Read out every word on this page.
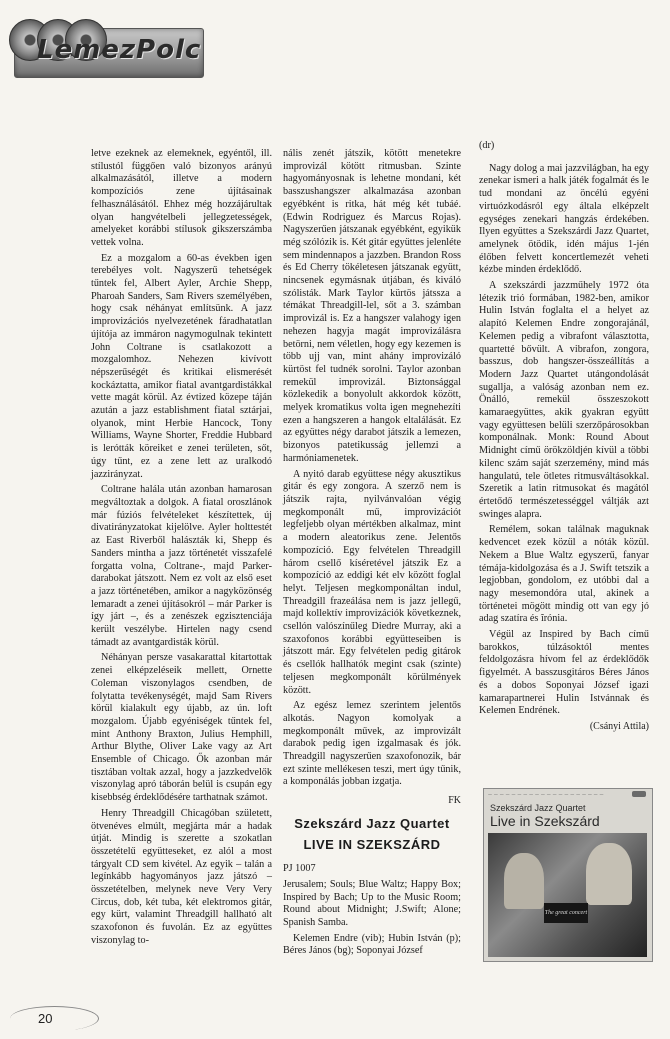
LemezPolc

letve ezeknek az elemeknek, egyéntől, ill. stílustól függően való bizonyos arányú alkalmazásától, illetve a modern kompozíciós zene újításainak felhasználásától. Ehhez még hozzájárultak olyan hangvételbeli jellegzetességek, amelyeket korábbi stílusok gikszerszámba vettek volna.

Ez a mozgalom a 60-as években igen terebélyes volt. Nagyszerű tehetségek tűntek fel, Albert Ayler, Archie Shepp, Pharoah Sanders, Sam Rivers személyében, hogy csak néhányat említsünk. A jazz improvizációs nyelvezetének fáradhatatlan újítója az immáron nagymogulnak tekintett John Coltrane is csatlakozott a mozgalomhoz. Nehezen kivívott népszerűségét és kritikai elismerését kockáztatta, amikor fiatal avantgardistákkal vette magát körül. Az évtized közepe táján azután a jazz establishment fiatal sztárjai, olyanok, mint Herbie Hancock, Tony Williams, Wayne Shorter, Freddie Hubbard is lerótták köreiket e zenei területen, sőt, úgy tűnt, ez a zene lett az uralkodó jazzirányzat.

Coltrane halála után azonban hamarosan megváltoztak a dolgok. A fiatal oroszlánok már fúziós felvételeket készítettek, új divatirányzatokat kijelölve. Ayler holttestét az East Riverből halászták ki, Shepp és Sanders mintha a jazz történetét visszafelé forgatta volna, Coltrane-, majd Parker-darabokat játszott. Nem ez volt az első eset a jazz történetében, amikor a nagyközönség lemaradt a zenei újításokról – már Parker is így járt –, és a zenészek egzisztenciája került veszélybe. Hirtelen nagy csend támadt az avantgardisták körül.

Néhányan persze vasakarattal kitartottak zenei elképzeléseik mellett, Ornette Coleman viszonylagos csendben, de folytatta tevékenységét, majd Sam Rivers körül kialakult egy újabb, az ún. loft mozgalom. Újabb egyéniségek tűntek fel, mint Anthony Braxton, Julius Hemphill, Arthur Blythe, Oliver Lake vagy az Art Ensemble of Chicago. Ők azonban már tisztában voltak azzal, hogy a jazzkedvelők viszonylag apró táborán belül is csupán egy kisebbség érdeklődésére tarthatnak számot.

Henry Threadgill Chicagóban született, ötvenéves elmúlt, megjárta már a hadak útját. Mindig is szerette a szokatlan összetételű együtteseket, ez alól a most tárgyalt CD sem kivétel. Az egyik – talán a legínkább hagyományos jazz játszó – összetételben, melynek neve Very Very Circus, dob, két tuba, két elektromos gitár, egy kürt, valamint Threadgill hallható alt szaxofonon és fuvolán. Ez az együttes viszonylag to-

nális zenét játszik, kötött menetekre improvizál kötött ritmusban. Szinte hagyományosnak is lehetne mondani, két basszushangszer alkalmazása azonban egyébként is ritka, hát még két tubáé. (Edwin Rodriguez és Marcus Rojas). Nagyszerűen játszanak egyébként, egyikük még szólózik is. Két gitár együttes jelenléte sem mindennapos a jazzben. Brandon Ross és Ed Cherry tökéletesen játszanak együtt, nincsenek egymásnak útjában, és kiváló szólisták. Mark Taylor kürtös játssza a témákat Threadgill-lel, sőt a 3. számban improvizál is. Ez a hangszer valahogy igen nehezen hagyja magát improvizálásra betörni, nem véletlen, hogy egy kezemen is több ujj van, mint ahány improvizáló kürtöst fel tudnék sorolni. Taylor azonban remekül improvizál. Biztonsággal közlekedik a bonyolult akkordok között, melyek kromatikus volta igen megnehezíti ezen a hangszeren a hangok eltalálását. Ez az együttes négy darabot játszik a lemezen, bizonyos patetikusság jellemzi a harmóniamenetek.

A nyitó darab együttese négy akusztikus gitár és egy zongora. A szerző nem is játszik rajta, nyilvánvalóan végig megkomponált mű, improvizációt legfeljebb olyan mértékben alkalmaz, mint a modern aleatorikus zene. Jelentős kompozíció. Egy felvételen Threadgill három csellő kíséretével játszik Ez a kompozíció az eddigi két elv között foglal helyt. Teljesen megkomponáltan indul, Threadgill frazeálása nem is jazz jellegű, majd kollektív improvizációk következnek, csellón valószínűleg Diedre Murray, aki a szaxofonos korábbi együtteseiben is játszott már. Egy felvételen pedig gitárok és csellók hallhatók megint csak (szinte) teljesen megkomponált körülmények között.

Az egész lemez szerintem jelentős alkotás. Nagyon komolyak a megkomponált művek, az improvizált darabok pedig igen izgalmasak és jók. Threadgill nagyszerűen szaxofonozik, bár ezt szinte mellékesen teszi, mert úgy tűnik, a komponálás jobban izgatja.

FK

Szekszárd Jazz Quartet

LIVE IN SZEKSZÁRD

PJ 1007

Jerusalem; Souls; Blue Waltz; Happy Box; Inspired by Bach; Up to the Music Room; Round about Midnight; J.Swift; Alone; Spanish Samba.

Kelemen Endre (vib); Hubin István (p); Béres János (bg); Soponyai József

(dr)

Nagy dolog a mai jazzvilágban, ha egy zenekar ismeri a halk játék fogalmát és le tud mondani az öncélú egyéni virtuózkodásról egy általa elképzelt egységes zenekari hangzás érdekében. Ilyen együttes a Szekszárdi Jazz Quartet, amelynek ötödik, idén május 1-jén élőben felvett koncertlemezét veheti kézbe minden érdeklődő.

A szekszárdi jazzműhely 1972 óta létezik trió formában, 1982-ben, amikor Hulin István foglalta el a helyet az alapító Kelemen Endre zongorajánál, Kelemen pedig a vibrafont választotta, quartetté bővült. A vibrafon, zongora, basszus, dob hangszer-összeállítás a Modern Jazz Quartet utángondolását sugallja, a valóság azonban nem ez. Önálló, remekül összeszokott kamaraegyüttes, akik gyakran együtt vagy együttesen belüli szerzőpárosokban komponálnak. Monk: Round About Midnight című örökzöldjén kívül a többi kilenc szám saját szerzemény, mind más hangulatú, tele ötletes ritmusváltásokkal. Szeretik a latin ritmusokat és magától értetődő természetességgel váltják azt swinges alapra.

Remélem, sokan találnak maguknak kedvencet ezek közül a nóták közül. Nekem a Blue Waltz egyszerű, fanyar témája-kidolgozása és a J. Swift tetszik a legjobban, gondolom, ez utóbbi dal a nagy mesemondóra utal, akinek a történetei mögött mindig ott van egy jó adag szatíra és ĩrónia.

Végül az Inspired by Bach című barokkos, túlzásoktól mentes feldolgozásra hívom fel az érdeklődők figyelmét. A basszusgitáros Béres János és a dobos Soponyai József igazi kamarapartnerei Hulin Istvánnak és Kelemen Endrének.

(Csányi Attila)

— — — — — — — — — — — — — — — — — — — —
Szekszárd Jazz Quartet
Live in Szekszárd
The great concert
20
